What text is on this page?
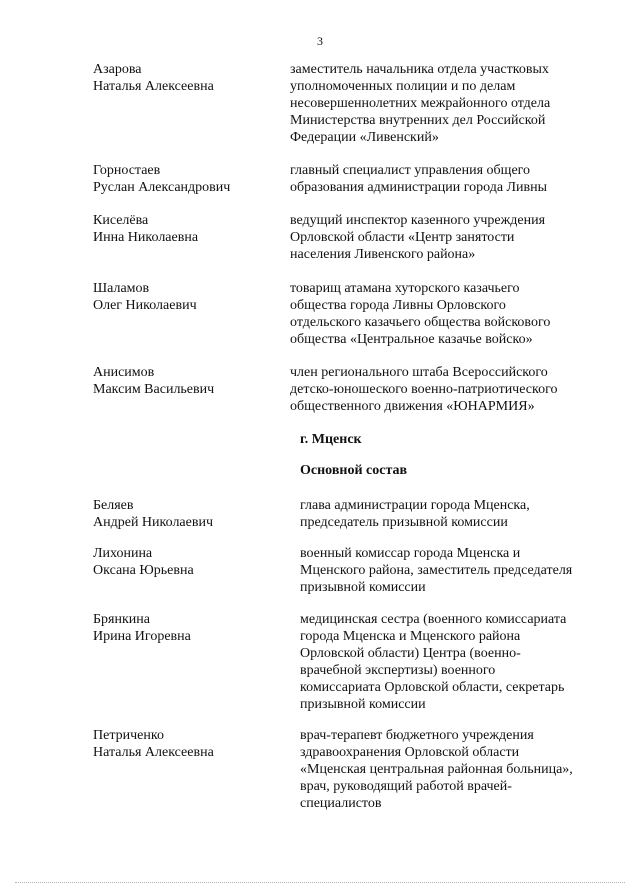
3
Азарова
Наталья Алексеевна
заместитель начальника отдела участковых
уполномоченных полиции и по делам
несовершеннолетних межрайонного отдела
Министерства внутренних дел Российской
Федерации «Ливенский»
Горностаев
Руслан Александрович
главный специалист управления общего
образования администрации города Ливны
Киселёва
Инна Николаевна
ведущий инспектор казенного учреждения
Орловской области «Центр занятости
населения Ливенского района»
Шаламов
Олег Николаевич
товарищ атамана хуторского казачьего
общества города Ливны Орловского
отдельского казачьего общества войскового
общества «Центральное казачье войско»
Анисимов
Максим Васильевич
член регионального штаба Всероссийского
детско-юношеского военно-патриотического
общественного движения «ЮНАРМИЯ»
г. Мценск
Основной состав
Беляев
Андрей Николаевич
глава администрации города Мценска,
председатель призывной комиссии
Лихонина
Оксана Юрьевна
военный комиссар города Мценска и
Мценского района, заместитель председателя
призывной комиссии
Брянкина
Ирина Игоревна
медицинская сестра (военного комиссариата
города Мценска и Мценского района
Орловской области) Центра (военно-
врачебной экспертизы) военного
комиссариата Орловской области, секретарь
призывной комиссии
Петриченко
Наталья Алексеевна
врач-терапевт бюджетного учреждения
здравоохранения Орловской области
«Мценская центральная районная больница»,
врач, руководящий работой врачей-
специалистов
